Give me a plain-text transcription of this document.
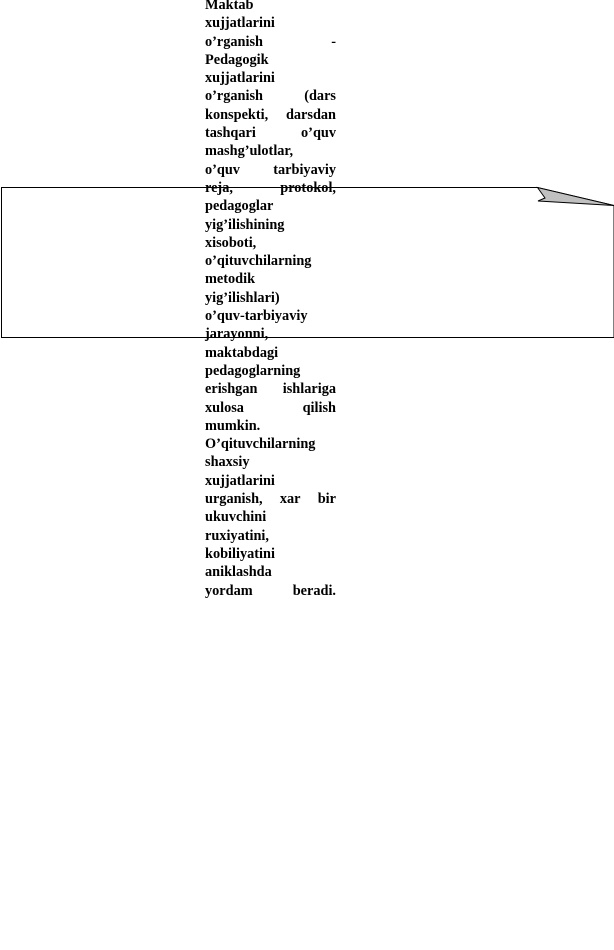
Maktab
xujjatlarini
o’rganish	-
Pedagogik
xujjatlarini
o’rganish	(dars
konspekti, darsdan
tashqari	o’quv
mashg’ulotlar,
o’quv tarbiyaviy
reja,	protokol,
pedagoglar
yig’ilishining
xisoboti,
o’qituvchilarning
metodik
yig’ilishlari)
o’quv-tarbiyaviy
jarayonni,
maktabdagi
pedagoglarning
erishgan ishlariga
xulosa	qilish
mumkin.
O’qituvchilarning
shaxsiy
xujjatlarini
urganish, xar bir
ukuvchini
ruxiyatini,
kobiliyatini
aniklashda
yordam	beradi.
